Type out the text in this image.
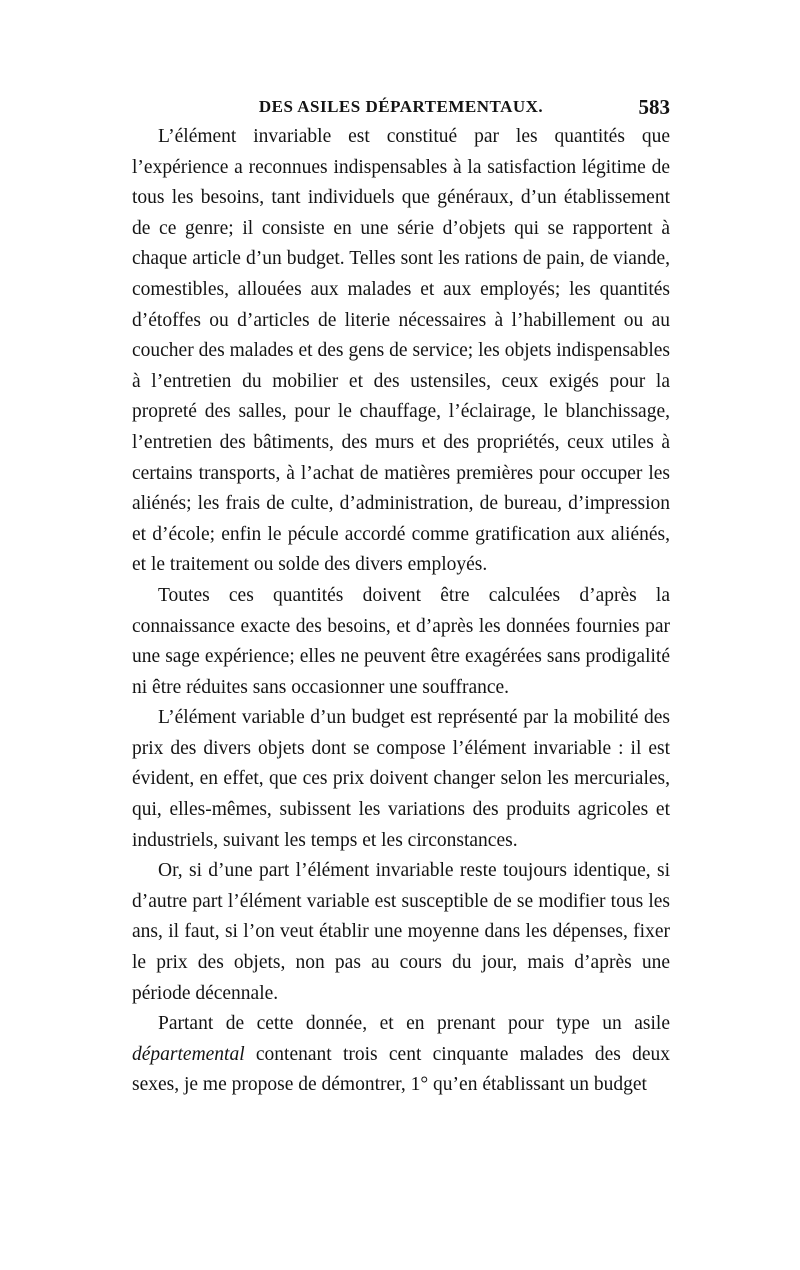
DES ASILES DÉPARTEMENTAUX.	583

L’élément invariable est constitué par les quantités que l’expérience a reconnues indispensables à la satisfaction légitime de tous les besoins, tant individuels que généraux, d’un établissement de ce genre; il consiste en une série d’objets qui se rapportent à chaque article d’un budget. Telles sont les rations de pain, de viande, comestibles, allouées aux malades et aux employés; les quantités d’étoffes ou d’articles de literie nécessaires à l’habillement ou au coucher des malades et des gens de service; les objets indispensables à l’entretien du mobilier et des ustensiles, ceux exigés pour la propreté des salles, pour le chauffage, l’éclairage, le blanchissage, l’entretien des bâtiments, des murs et des propriétés, ceux utiles à certains transports, à l’achat de matières premières pour occuper les aliénés; les frais de culte, d’administration, de bureau, d’impression et d’école; enfin le pécule accordé comme gratification aux aliénés, et le traitement ou solde des divers employés.

Toutes ces quantités doivent être calculées d’après la connaissance exacte des besoins, et d’après les données fournies par une sage expérience; elles ne peuvent être exagérées sans prodigalité ni être réduites sans occasionner une souffrance.

L’élément variable d’un budget est représenté par la mobilité des prix des divers objets dont se compose l’élément invariable : il est évident, en effet, que ces prix doivent changer selon les mercuriales, qui, elles-mêmes, subissent les variations des produits agricoles et industriels, suivant les temps et les circonstances.

Or, si d’une part l’élément invariable reste toujours identique, si d’autre part l’élément variable est susceptible de se modifier tous les ans, il faut, si l’on veut établir une moyenne dans les dépenses, fixer le prix des objets, non pas au cours du jour, mais d’après une période décennale.

Partant de cette donnée, et en prenant pour type un asile départemental contenant trois cent cinquante malades des deux sexes, je me propose de démontrer, 1° qu’en établissant un budget
